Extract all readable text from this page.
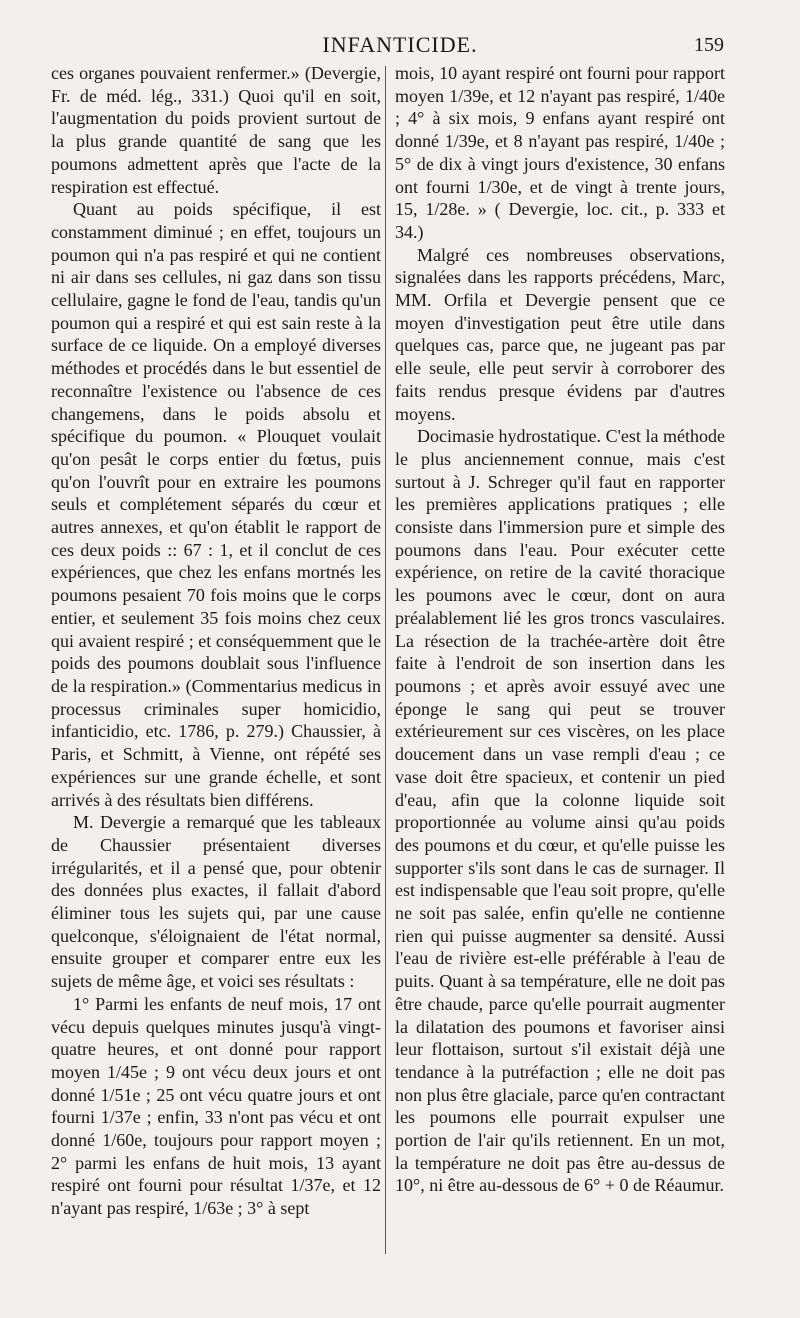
INFANTICIDE.	159

ces organes pouvaient renfermer.» (Devergie, Fr. de méd. lég., 331.) Quoi qu'il en soit, l'augmentation du poids provient surtout de la plus grande quantité de sang que les poumons admettent après que l'acte de la respiration est effectué.

Quant au poids spécifique, il est constamment diminué ; en effet, toujours un poumon qui n'a pas respiré et qui ne contient ni air dans ses cellules, ni gaz dans son tissu cellulaire, gagne le fond de l'eau, tandis qu'un poumon qui a respiré et qui est sain reste à la surface de ce liquide. On a employé diverses méthodes et procédés dans le but essentiel de reconnaître l'existence ou l'absence de ces changemens, dans le poids absolu et spécifique du poumon. « Plouquet voulait qu'on pesât le corps entier du fœtus, puis qu'on l'ouvrît pour en extraire les poumons seuls et complétement séparés du cœur et autres annexes, et qu'on établit le rapport de ces deux poids :: 67 : 1, et il conclut de ces expériences, que chez les enfans mortnés les poumons pesaient 70 fois moins que le corps entier, et seulement 35 fois moins chez ceux qui avaient respiré ; et conséquemment que le poids des poumons doublait sous l'influence de la respiration.» (Commentarius medicus in processus criminales super homicidio, infanticidio, etc. 1786, p. 279.) Chaussier, à Paris, et Schmitt, à Vienne, ont répété ses expériences sur une grande échelle, et sont arrivés à des résultats bien différens.

M. Devergie a remarqué que les tableaux de Chaussier présentaient diverses irrégularités, et il a pensé que, pour obtenir des données plus exactes, il fallait d'abord éliminer tous les sujets qui, par une cause quelconque, s'éloignaient de l'état normal, ensuite grouper et comparer entre eux les sujets de même âge, et voici ses résultats :

1° Parmi les enfants de neuf mois, 17 ont vécu depuis quelques minutes jusqu'à vingt-quatre heures, et ont donné pour rapport moyen 1/45e ; 9 ont vécu deux jours et ont donné 1/51e ; 25 ont vécu quatre jours et ont fourni 1/37e ; enfin, 33 n'ont pas vécu et ont donné 1/60e, toujours pour rapport moyen ; 2° parmi les enfans de huit mois, 13 ayant respiré ont fourni pour résultat 1/37e, et 12 n'ayant pas respiré, 1/63e ; 3° à sept

mois, 10 ayant respiré ont fourni pour rapport moyen 1/39e, et 12 n'ayant pas respiré, 1/40e ; 4° à six mois, 9 enfans ayant respiré ont donné 1/39e, et 8 n'ayant pas respiré, 1/40e ; 5° de dix à vingt jours d'existence, 30 enfans ont fourni 1/30e, et de vingt à trente jours, 15, 1/28e. » ( Devergie, loc. cit., p. 333 et 34.)

Malgré ces nombreuses observations, signalées dans les rapports précédens, Marc, MM. Orfila et Devergie pensent que ce moyen d'investigation peut être utile dans quelques cas, parce que, ne jugeant pas par elle seule, elle peut servir à corroborer des faits rendus presque évidens par d'autres moyens.

Docimasie hydrostatique. C'est la méthode le plus anciennement connue, mais c'est surtout à J. Schreger qu'il faut en rapporter les premières applications pratiques ; elle consiste dans l'immersion pure et simple des poumons dans l'eau. Pour exécuter cette expérience, on retire de la cavité thoracique les poumons avec le cœur, dont on aura préalablement lié les gros troncs vasculaires. La résection de la trachée-artère doit être faite à l'endroit de son insertion dans les poumons ; et après avoir essuyé avec une éponge le sang qui peut se trouver extérieurement sur ces viscères, on les place doucement dans un vase rempli d'eau ; ce vase doit être spacieux, et contenir un pied d'eau, afin que la colonne liquide soit proportionnée au volume ainsi qu'au poids des poumons et du cœur, et qu'elle puisse les supporter s'ils sont dans le cas de surnager. Il est indispensable que l'eau soit propre, qu'elle ne soit pas salée, enfin qu'elle ne contienne rien qui puisse augmenter sa densité. Aussi l'eau de rivière est-elle préférable à l'eau de puits. Quant à sa température, elle ne doit pas être chaude, parce qu'elle pourrait augmenter la dilatation des poumons et favoriser ainsi leur flottaison, surtout s'il existait déjà une tendance à la putréfaction ; elle ne doit pas non plus être glaciale, parce qu'en contractant les poumons elle pourrait expulser une portion de l'air qu'ils retiennent. En un mot, la température ne doit pas être au-dessus de 10°, ni être au-dessous de 6° + 0 de Réaumur.
